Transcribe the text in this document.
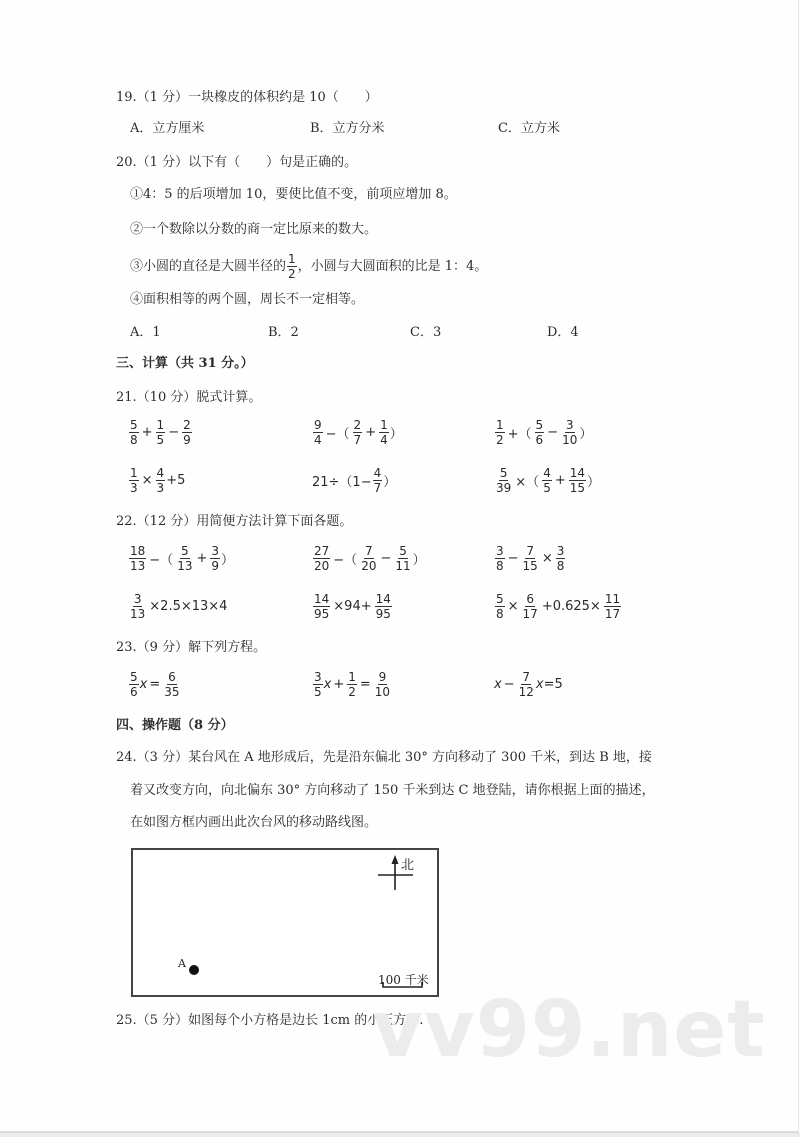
19.（1 分）一块橡皮的体积约是 10（　　）
A．立方厘米	B．立方分米	C．立方米
20.（1 分）以下有（　　）句是正确的。
①4：5 的后项增加 10，要使比值不变，前项应增加 8。
②一个数除以分数的商一定比原来的数大。
③小圆的直径是大圆半径的 $\frac{1}{2}$ ，小圆与大圆面积的比是 1：4。
④面积相等的两个圆，周长不一定相等。
A．1	B．2	C．3	D．4
三、计算（共 31 分。）
21.（10 分）脱式计算。
$\frac{5}{8} + \frac{1}{5} - \frac{2}{9}$	$\frac{9}{4}$ −（ $\frac{2}{7} + \frac{1}{4}$ ）	$\frac{1}{2}$ +（ $\frac{5}{6} - \frac{3}{10}$ ）
$\frac{1}{3} \times \frac{4}{3} +5$	$21\div(1- \frac{4}{7}$ ）	$\frac{5}{39}$ ×（ $\frac{4}{5} + \frac{14}{15}$ ）
22.（12 分）用简便方法计算下面各题。
$\frac{18}{13}$ −（ $\frac{5}{13} + \frac{3}{9}$ ）	$\frac{27}{20}$ −（ $\frac{7}{20} - \frac{5}{11}$ ）	$\frac{3}{8} - \frac{7}{15} \times \frac{3}{8}$
$\frac{3}{13} \times 2.5\times 13\times 4$	$\frac{14}{95} \times 94+ \frac{14}{95}$	$\frac{5}{8} \times \frac{6}{17} +0.625\times \frac{11}{17}$
23.（9 分）解下列方程。
$\frac{5}{6}$ $x = \frac{6}{35}$	$\frac{3}{5}$ $x + \frac{1}{2} = \frac{9}{10}$	$x - \frac{7}{12}$ x =5
四、操作题（8 分）
24.（3 分）某台风在 A 地形成后，先是沿东偏北 30° 方向移动了 300 千米，到达 B 地，接
着又改变方向，向北偏东 30° 方向移动了 150 千米到达 C 地登陆，请你根据上面的描述，
在如图方框内画出此次台风的移动路线图。
北
A
100 千米
25.（5 分）如图每个小方格是边长 1cm 的小正方形.
vv99.net
